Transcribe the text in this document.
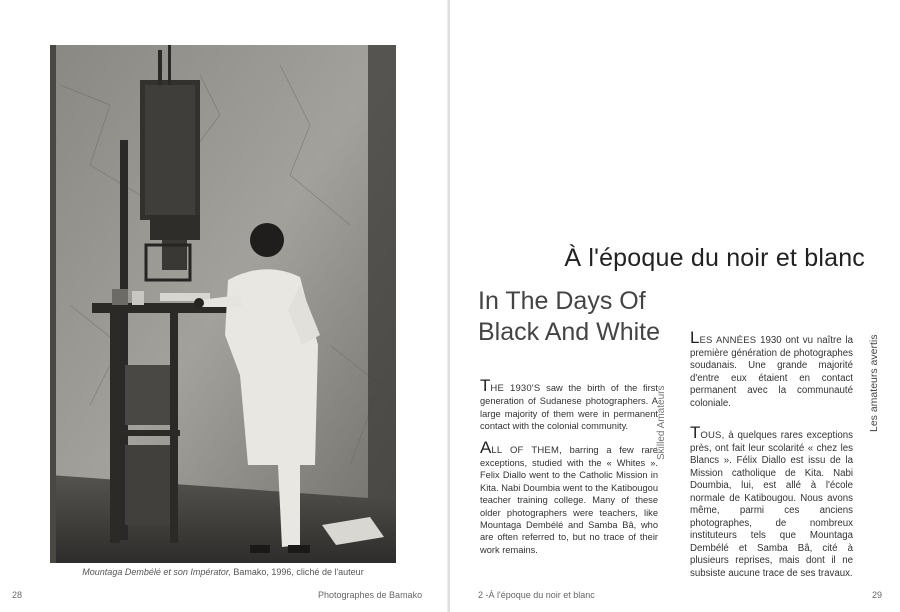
Mountaga Dembélé et son Impérator, Bamako, 1996, cliché de l'auteur
28	Photographes de Bamako
À l'époque du noir et blanc
In The Days Of
Black And White

THE 1930'S saw the birth of the first generation of Sudanese photographers. A large majority of them were in permanent contact with the colonial community.

ALL OF THEM, barring a few rare exceptions, studied with the « Whites ». Felix Diallo went to the Catholic Mission in Kita. Nabi Doumbia went to the Katibougou teacher training college. Many of these older photographers were teachers, like Mountaga Dembélé and Samba Bâ, who are often referred to, but no trace of their work remains.

Skilled Amateurs

LES ANNÉES 1930 ont vu naître la première génération de photographes soudanais. Une grande majorité d'entre eux étaient en contact permanent avec la communauté coloniale.

TOUS, à quelques rares exceptions près, ont fait leur scolarité « chez les Blancs ». Félix Diallo est issu de la Mission catholique de Kita. Nabi Doumbia, lui, est allé à l'école normale de Katibougou. Nous avons même, parmi ces anciens photographes, de nombreux instituteurs tels que Mountaga Dembélé et Samba Bâ, cité à plusieurs reprises, mais dont il ne subsiste aucune trace de ses travaux.

Les amateurs avertis
2 -À l'époque du noir et blanc	29
